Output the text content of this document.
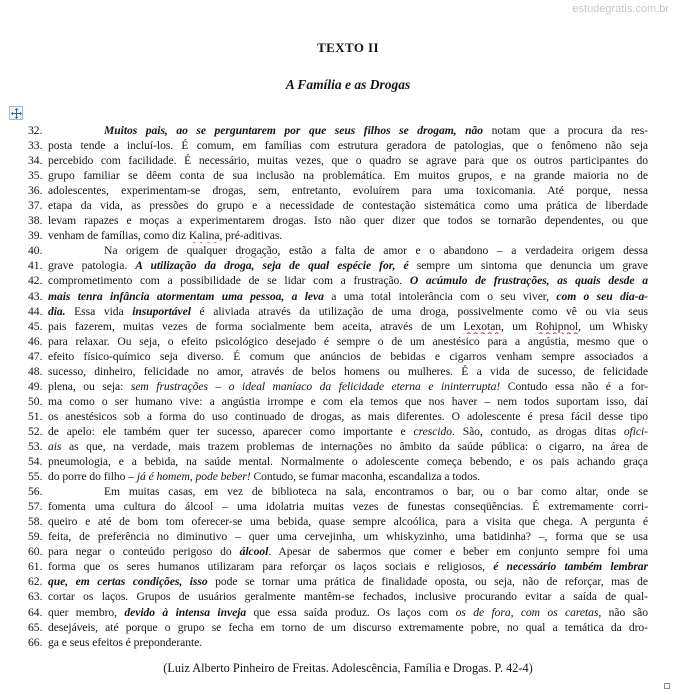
estudegratis.com.br
TEXTO II
A Família e as Drogas
32.	Muitos pais, ao se perguntarem por que seus filhos se drogam, não notam que a procura da res-
33. posta tende a incluí-los. É comum, em famílias com estrutura geradora de patologias, que o fenômeno não seja
34. percebido com facilidade. É necessário, muitas vezes, que o quadro se agrave para que os outros participantes do
35. grupo familiar se dêem conta de sua inclusão na problemática. Em muitos grupos, e na grande maioria no de
36. adolescentes, experimentam-se drogas, sem, entretanto, evoluírem para uma toxicomania. Até porque, nessa
37. etapa da vida, as pressões do grupo e a necessidade de contestação sistemática como uma prática de liberdade
38. levam rapazes e moças a experimentarem drogas. Isto não quer dizer que todos se tornarão dependentes, ou que
39. venham de famílias, como diz Kalina, pré-aditivas.
40.	Na origem de qualquer drogação, estão a falta de amor e o abandono – a verdadeira origem dessa
41. grave patologia. A utilização da droga, seja de qual espécie for, é sempre um sintoma que denuncia um grave
42. comprometimento com a possibilidade de se lidar com a frustração. O acúmulo de frustrações, as quais desde a
43. mais tenra infância atormentam uma pessoa, a leva a uma total intolerância com o seu viver, com o seu dia-a-
44. dia. Essa vida insuportável é aliviada através da utilização de uma droga, possivelmente como vê ou via seus
45. pais fazerem, muitas vezes de forma socialmente bem aceita, através de um Lexotan, um Rohipnol, um Whisky
46. para relaxar. Ou seja, o efeito psicológico desejado é sempre o de um anestésico para a angústia, mesmo que o
47. efeito físico-químico seja diverso. É comum que anúncios de bebidas e cigarros venham sempre associados a
48. sucesso, dinheiro, felicidade no amor, através de belos homens ou mulheres. É a vida de sucesso, de felicidade
49. plena, ou seja: sem frustrações – o ideal maníaco da felicidade eterna e ininterrupta! Contudo essa não é a for-
50. ma como o ser humano vive: a angústia irrompe e com ela temos que nos haver – nem todos suportam isso, daí
51. os anestésicos sob a forma do uso continuado de drogas, as mais diferentes. O adolescente é presa fácil desse tipo
52. de apelo: ele também quer ter sucesso, aparecer como importante e crescido. São, contudo, as drogas ditas ofici-
53. ais as que, na verdade, mais trazem problemas de internações no âmbito da saúde pública: o cigarro, na área de
54. pneumologia, e a bebida, na saúde mental. Normalmente o adolescente começa bebendo, e os pais achando graça
55. do porre do filho – já é homem, pode beber! Contudo, se fumar maconha, escandaliza a todos.
56.	Em muitas casas, em vez de biblioteca na sala, encontramos o bar, ou o bar como altar, onde se
57. fomenta uma cultura do álcool – uma idolatria muitas vezes de funestas conseqüências. É extremamente corri-
58. queiro e até de bom tom oferecer-se uma bebida, quase sempre alcoólica, para a visita que chega. A pergunta é
59. feita, de preferência no diminutivo – quer uma cervejinha, um whiskyzinho, uma batidinha? –, forma que se usa
60. para negar o conteúdo perigoso do álcool. Apesar de sabermos que comer e beber em conjunto sempre foi uma
61. forma que os seres humanos utilizaram para reforçar os laços sociais e religiosos, é necessário também lembrar
62. que, em certas condições, isso pode se tornar uma prática de finalidade oposta, ou seja, não de reforçar, mas de
63. cortar os laços. Grupos de usuários geralmente mantêm-se fechados, inclusive procurando evitar a saída de qual-
64. quer membro, devido à intensa inveja que essa saída produz. Os laços com os de fora, com os caretas, não são
65. desejáveis, até porque o grupo se fecha em torno de um discurso extremamente pobre, no qual a temática da dro-
66. ga e seus efeitos é preponderante.
(Luiz Alberto Pinheiro de Freitas. Adolescência, Família e Drogas. P. 42-4)
